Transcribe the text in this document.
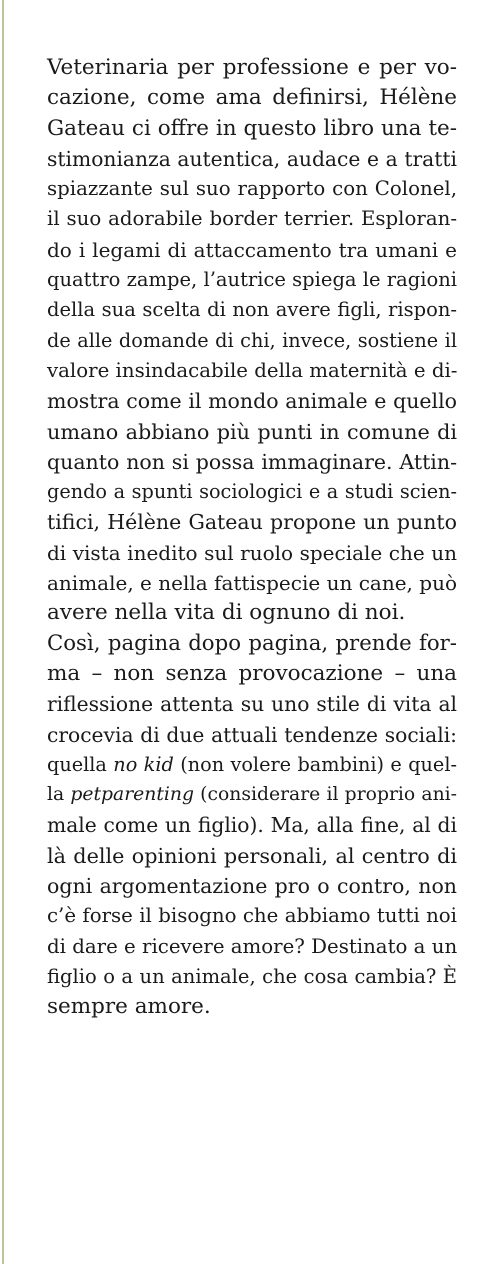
Veterinaria per professione e per vo-
cazione, come ama definirsi, Hélène
Gateau ci offre in questo libro una te-
stimonianza autentica, audace e a tratti
spiazzante sul suo rapporto con Colonel,
il suo adorabile border terrier. Esploran-
do i legami di attaccamento tra umani e
quattro zampe, l’autrice spiega le ragioni
della sua scelta di non avere figli, rispon-
de alle domande di chi, invece, sostiene il
valore insindacabile della maternità e di-
mostra come il mondo animale e quello
umano abbiano più punti in comune di
quanto non si possa immaginare. Attin-
gendo a spunti sociologici e a studi scien-
tifici, Hélène Gateau propone un punto
di vista inedito sul ruolo speciale che un
animale, e nella fattispecie un cane, può
avere nella vita di ognuno di noi.
Così, pagina dopo pagina, prende for-
ma – non senza provocazione – una
riflessione attenta su uno stile di vita al
crocevia di due attuali tendenze sociali:
quella no kid (non volere bambini) e quel-
la petparenting (considerare il proprio ani-
male come un figlio). Ma, alla fine, al di
là delle opinioni personali, al centro di
ogni argomentazione pro o contro, non
c’è forse il bisogno che abbiamo tutti noi
di dare e ricevere amore? Destinato a un
figlio o a un animale, che cosa cambia? È
sempre amore.
